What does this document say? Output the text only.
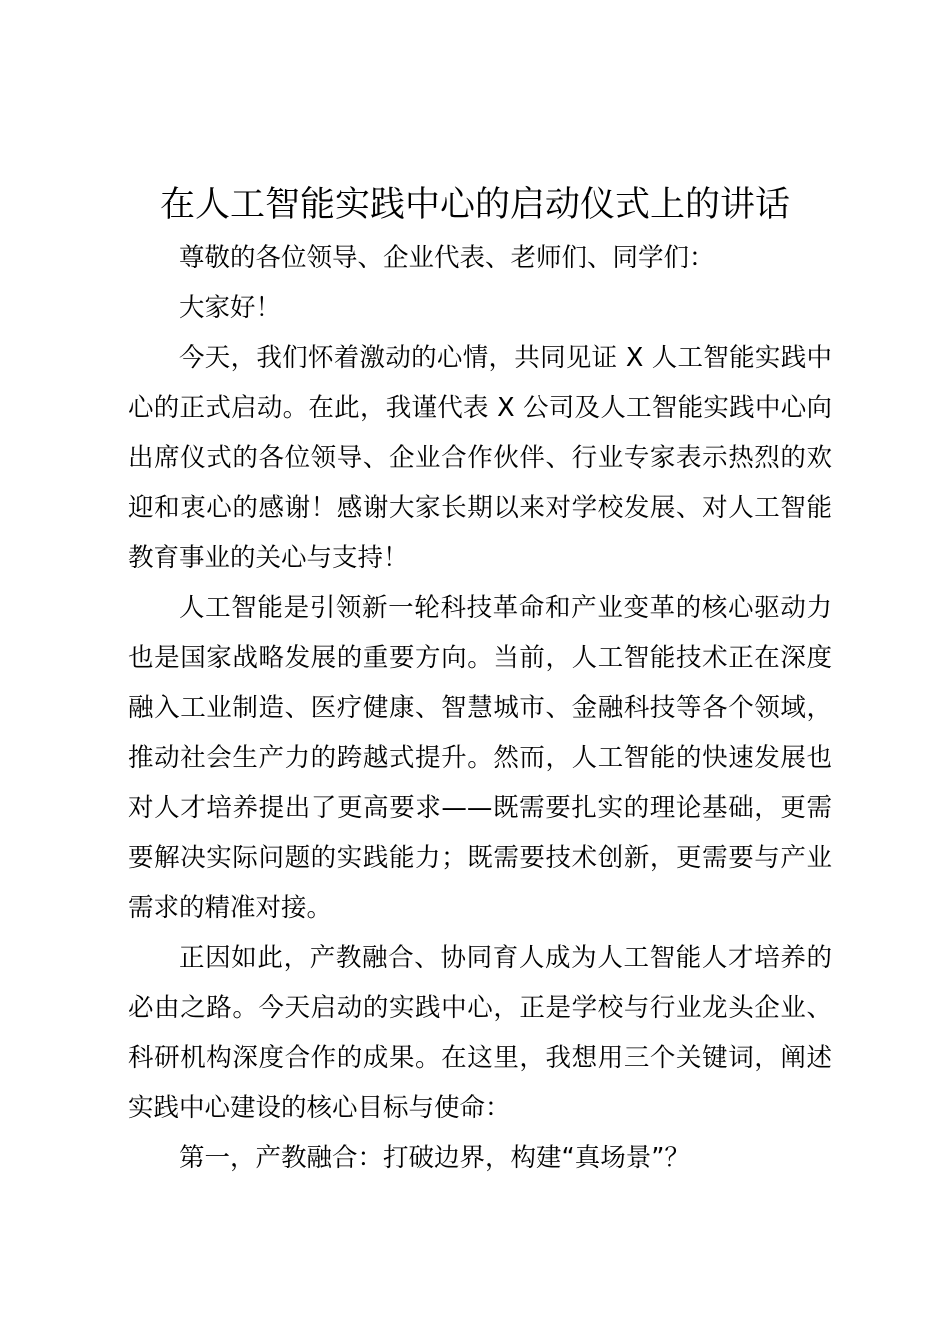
在人工智能实践中心的启动仪式上的讲话

尊敬的各位领导、企业代表、老师们、同学们：

大家好！

今天，我们怀着激动的心情，共同见证 X 人工智能实践中心的正式启动。在此，我谨代表 X 公司及人工智能实践中心向出席仪式的各位领导、企业合作伙伴、行业专家表示热烈的欢迎和衷心的感谢！感谢大家长期以来对学校发展、对人工智能教育事业的关心与支持！

人工智能是引领新一轮科技革命和产业变革的核心驱动力也是国家战略发展的重要方向。当前，人工智能技术正在深度融入工业制造、医疗健康、智慧城市、金融科技等各个领域，推动社会生产力的跨越式提升。然而，人工智能的快速发展也对人才培养提出了更高要求——既需要扎实的理论基础，更需要解决实际问题的实践能力；既需要技术创新，更需要与产业需求的精准对接。

正因如此，产教融合、协同育人成为人工智能人才培养的必由之路。今天启动的实践中心，正是学校与行业龙头企业、科研机构深度合作的成果。在这里，我想用三个关键词，阐述实践中心建设的核心目标与使命：

第一，产教融合：打破边界，构建“真场景”？
